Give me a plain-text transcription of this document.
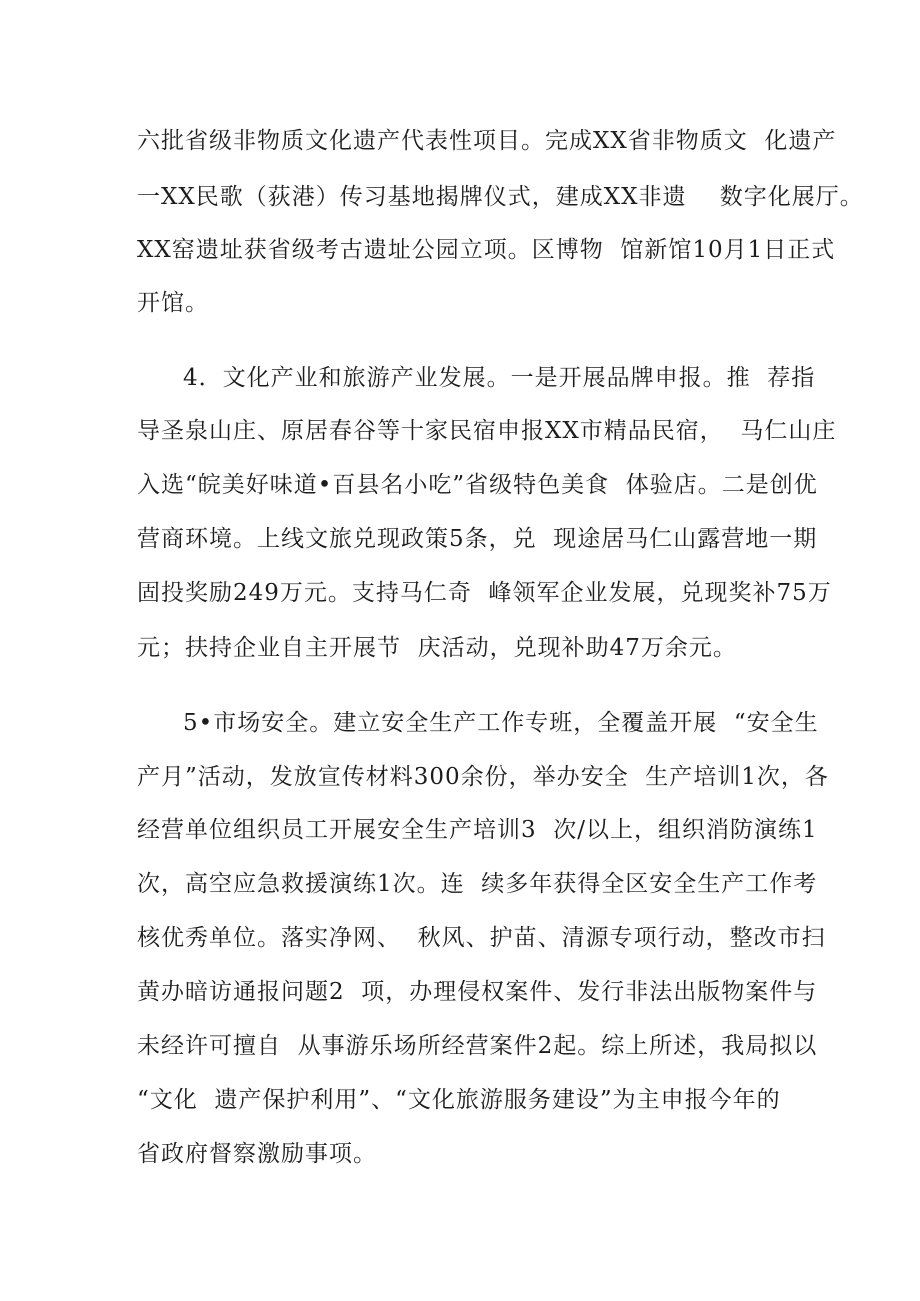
六批省级非物质文化遗产代表性项目。完成XX省非物质文  化遗产
一XX民歌（荻港）传习基地揭牌仪式，建成XX非遗    数字化展厅。
XX窑遗址获省级考古遗址公园立项。区博物  馆新馆10月1日正式
开馆。
4．文化产业和旅游产业发展。一是开展品牌申报。推  荐指
导圣泉山庄、原居春谷等十家民宿申报XX市精品民宿，  马仁山庄
入选“皖美好味道•百县名小吃”省级特色美食  体验店。二是创优
营商环境。上线文旅兑现政策5条，兑  现途居马仁山露营地一期
固投奖励249万元。支持马仁奇  峰领军企业发展，兑现奖补75万
元；扶持企业自主开展节  庆活动，兑现补助47万余元。
5•市场安全。建立安全生产工作专班，全覆盖开展  “安全生
产月”活动，发放宣传材料300余份，举办安全  生产培训1次，各
经营单位组织员工开展安全生产培训3  次/以上，组织消防演练1
次，高空应急救援演练1次。连  续多年获得全区安全生产工作考
核优秀单位。落实净网、  秋风、护苗、清源专项行动，整改市扫
黄办暗访通报问题2  项，办理侵权案件、发行非法出版物案件与
未经许可擅自  从事游乐场所经营案件2起。综上所述，我局拟以
“文化  遗产保护利用”、“文化旅游服务建设”为主申报今年的
省政府督察激励事项。
